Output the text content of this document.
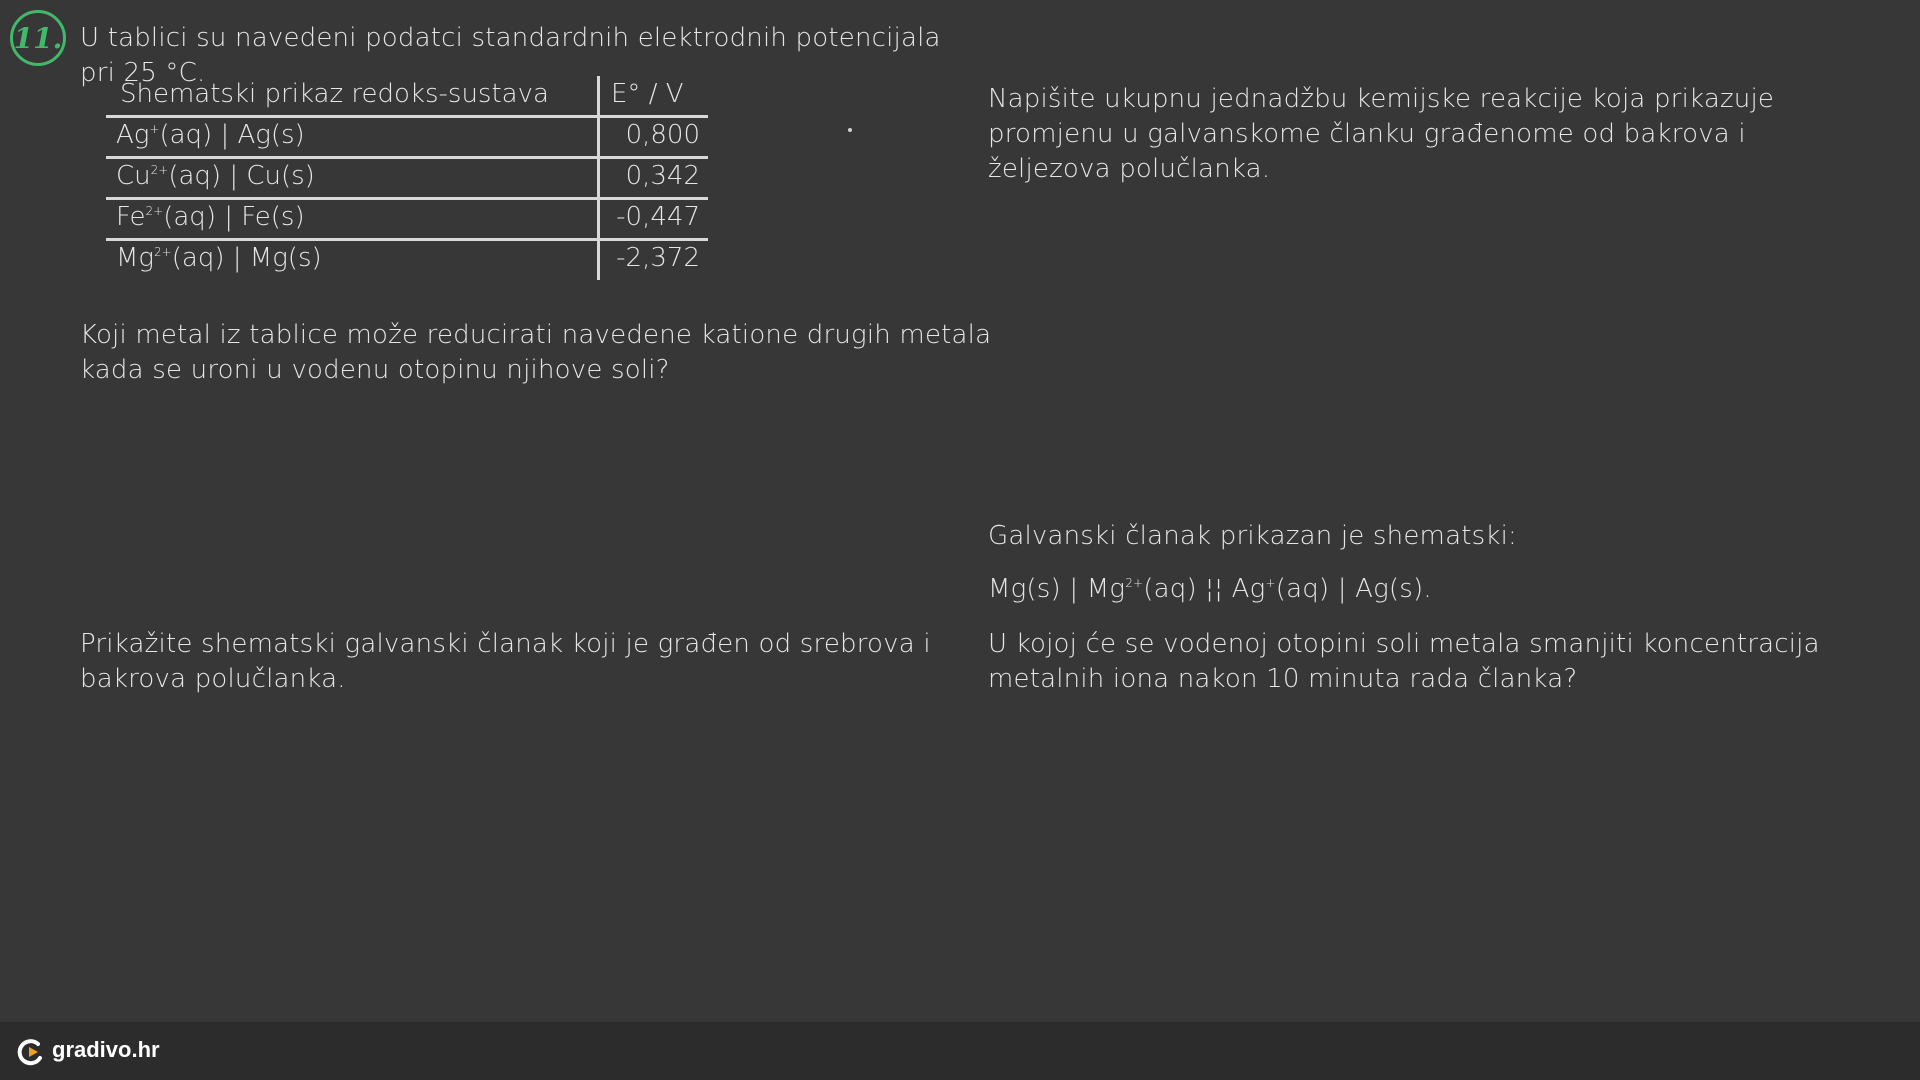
11. U tablici su navedeni podatci standardnih elektrodnih potencijala pri 25 °C.
Shematski prikaz redoks-sustava E° / V
Ag+(aq) | Ag(s)	0,800
$Cu^{2+}(aq)$ | Cu(s)	0,342
$Fe^{2+}(aq)$ | Fe(s)	-0,447
$Mg^{2+}(aq)$ | Mg(s)	-2,372
Koji metal iz tablice može reducirati navedene katione drugih metala kada se uroni u vodenu otopinu njihove soli?
Napišite ukupnu jednadžbu kemijske reakcije koja prikazuje promjenu u galvanskome članku građenome od bakrova i željezova polučlanka.
Prikažite shematski galvanski članak koji je građen od srebrova i bakrova polučlanka.
Galvanski članak prikazan je shematski:
Mg(s) | $Mg^{2+}(aq)$ ¦¦ Ag+(aq) | Ag(s).
U kojoj će se vodenoj otopini soli metala smanjiti koncentracija metalnih iona nakon 10 minuta rada članka?
gradivo.hr
